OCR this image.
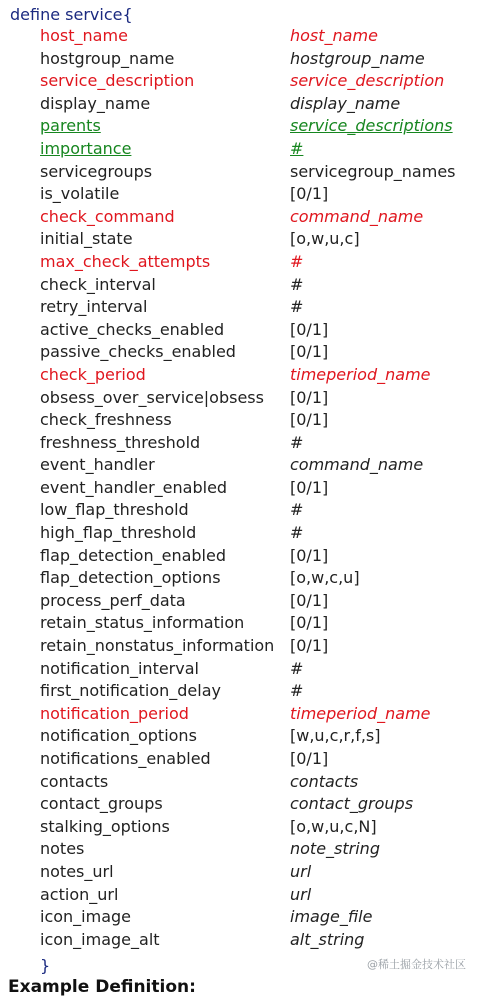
define service{
host_name	host_name
hostgroup_name	hostgroup_name
service_description	service_description
display_name	display_name
parents	service_descriptions
importance	#
servicegroups	servicegroup_names
is_volatile	[0/1]
check_command	command_name
initial_state	[o,w,u,c]
max_check_attempts	#
check_interval	#
retry_interval	#
active_checks_enabled	[0/1]
passive_checks_enabled	[0/1]
check_period	timeperiod_name
obsess_over_service|obsess [0/1]
check_freshness	[0/1]
freshness_threshold	#
event_handler	command_name
event_handler_enabled	[0/1]
low_flap_threshold	#
high_flap_threshold	#
flap_detection_enabled	[0/1]
flap_detection_options	[o,w,c,u]
process_perf_data	[0/1]
retain_status_information	[0/1]
retain_nonstatus_information [0/1]
notification_interval	#
first_notification_delay	#
notification_period	timeperiod_name
notification_options	[w,u,c,r,f,s]
notifications_enabled	[0/1]
contacts	contacts
contact_groups	contact_groups
stalking_options	[o,w,u,c,N]
notes	note_string
notes_url	url
action_url	url
icon_image	image_file
icon_image_alt	alt_string
}	@稀土掘金技术社区
Example Definition:
